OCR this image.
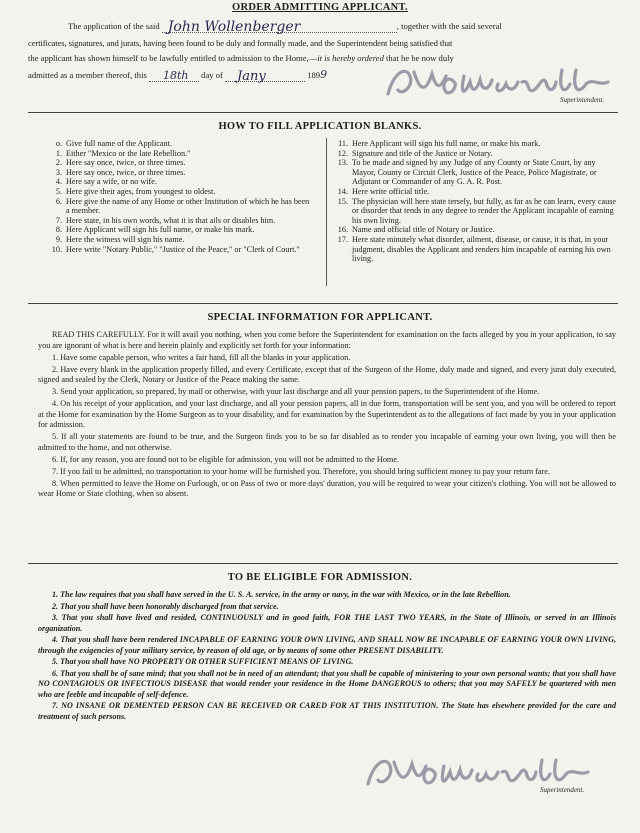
ORDER ADMITTING APPLICANT.
The application of the said John Wollenberger	, together with the said several
certificates, signatures, and jurats, having been found to be duly and formally made, and the Superintendent being satisfied that
the applicant has shown himself to be lawfully entitled to admission to the Home,—it is hereby ordered that he be now duly
admitted as a member thereof, this 18th day of Jany	1899
Superintendent.
HOW TO FILL APPLICATION BLANKS.
o. Give full name of the Applicant.
1. Either "Mexico or the late Rebellion."
2. Here say once, twice, or three times.
3. Here say once, twice, or three times.
4. Here say a wife, or no wife.
5. Here give their ages, from youngest to oldest.
6. Here give the name of any Home or other Institution of which he has been a member.
7. Here state, in his own words, what it is that ails or disables him.
8. Here Applicant will sign his full name, or make his mark.
9. Here the witness will sign his name.
10. Here write "Notary Public," "Justice of the Peace," or "Clerk of Court."
11. Here Applicant will sign his full name, or make his mark.
12. Signature and title of the Justice or Notary.
13. To be made and signed by any Judge of any County or State Court, by any Mayor, County or Circuit Clerk, Justice of the Peace, Police Magistrate, or Adjutant or Commander of any G. A. R. Post.
14. Here write official title.
15. The physician will here state tersely, but fully, as far as he can learn, every cause or disorder that tends in any degree to render the Applicant incapable of earning his own living.
16. Name and official title of Notary or Justice.
17. Here state minutely what disorder, ailment, disease, or cause, it is that, in your judgment, disables the Applicant and renders him incapable of earning his own living.
SPECIAL INFORMATION FOR APPLICANT.

READ THIS CAREFULLY. For it will avail you nothing, when you come before the Superintendent for examination on the facts alleged by you in your application, to say you are ignorant of what is here and herein plainly and explicitly set forth for your information:

1. Have some capable person, who writes a fair hand, fill all the blanks in your application.

2. Have every blank in the application properly filled, and every Certificate, except that of the Surgeon of the Home, duly made and signed, and every jurat duly executed, signed and sealed by the Clerk, Notary or Justice of the Peace making the same.

3. Send your application, so prepared, by mail or otherwise, with your last discharge and all your pension papers, to the Superintendent of the Home.

4. On his receipt of your application, and your last discharge, and all your pension papers, all in due form, transportation will be sent you, and you will be ordered to report at the Home for examination by the Home Surgeon as to your disability, and for examination by the Superintendent as to the allegations of fact made by you in your application for admission.

5. If all your statements are found to be true, and the Surgeon finds you to be so far disabled as to render you incapable of earning your own living, you will then be admitted to the home, and not otherwise.

6. If, for any reason, you are found not to be eligible for admission, you will not be admitted to the Home.

7. If you fail to be admitted, no transportation to your home will be furnished you. Therefore, you should bring sufficient money to pay your return fare.

8. When permitted to leave the Home on Furlough, or on Pass of two or more days' duration, you will be required to wear your citizen's clothing. You will not be allowed to wear Home or State clothing, when so absent.

TO BE ELIGIBLE FOR ADMISSION.

1. The law requires that you shall have served in the U. S. A. service, in the army or navy, in the war with Mexico, or in the late Rebellion.

2. That you shall have been honorably discharged from that service.

3. That you shall have lived and resided, CONTINUOUSLY and in good faith, FOR THE LAST TWO YEARS, in the State of Illinois, or served in an Illinois organization.

4. That you shall have been rendered INCAPABLE OF EARNING YOUR OWN LIVING, AND SHALL NOW BE INCAPABLE OF EARNING YOUR OWN LIVING, through the exigencies of your military service, by reason of old age, or by means of some other PRESENT DISABILITY.

5. That you shall have NO PROPERTY OR OTHER SUFFICIENT MEANS OF LIVING.

6. That you shall be of sane mind; that you shall not be in need of an attendant; that you shall be capable of ministering to your own personal wants; that you shall have NO CONTAGIOUS OR INFECTIOUS DISEASE that would render your residence in the Home DANGEROUS to others; that you may SAFELY be quartered with men who are feeble and incapable of self-defence.

7. NO INSANE OR DEMENTED PERSON CAN BE RECEIVED OR CARED FOR AT THIS INSTITUTION. The State has elsewhere provided for the care and treatment of such persons.

Superintendent.
